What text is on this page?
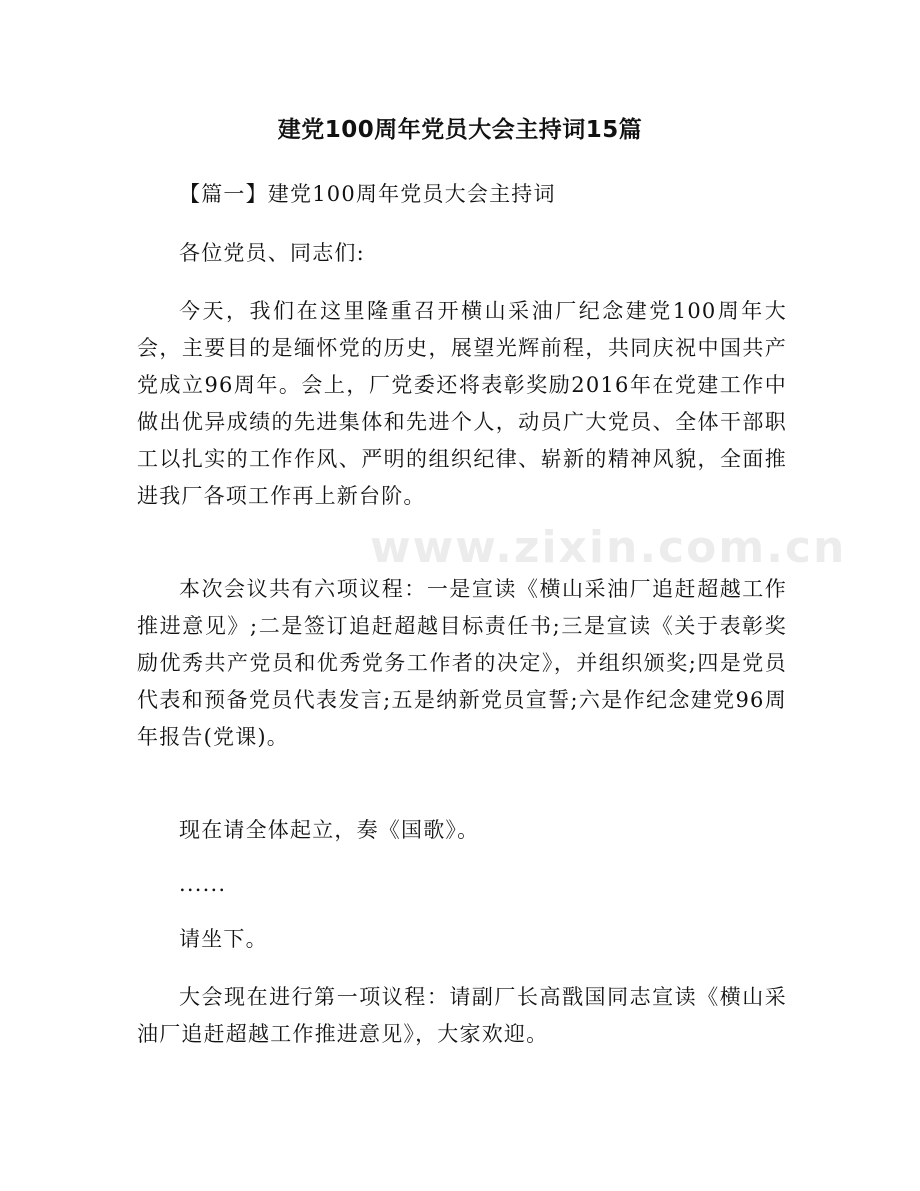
建党100周年党员大会主持词15篇

【篇一】建党100周年党员大会主持词

各位党员、同志们:

今天，我们在这里隆重召开横山采油厂纪念建党100周年大会，主要目的是缅怀党的历史，展望光辉前程，共同庆祝中国共产党成立96周年。会上，厂党委还将表彰奖励2016年在党建工作中做出优异成绩的先进集体和先进个人，动员广大党员、全体干部职工以扎实的工作作风、严明的组织纪律、崭新的精神风貌，全面推进我厂各项工作再上新台阶。

本次会议共有六项议程：一是宣读《横山采油厂追赶超越工作推进意见》;二是签订追赶超越目标责任书;三是宣读《关于表彰奖励优秀共产党员和优秀党务工作者的决定》，并组织颁奖;四是党员代表和预备党员代表发言;五是纳新党员宣誓;六是作纪念建党96周年报告(党课)。

现在请全体起立，奏《国歌》。

......

请坐下。

大会现在进行第一项议程：请副厂长高戬国同志宣读《横山采油厂追赶超越工作推进意见》，大家欢迎。

www.zixin.com.cn
